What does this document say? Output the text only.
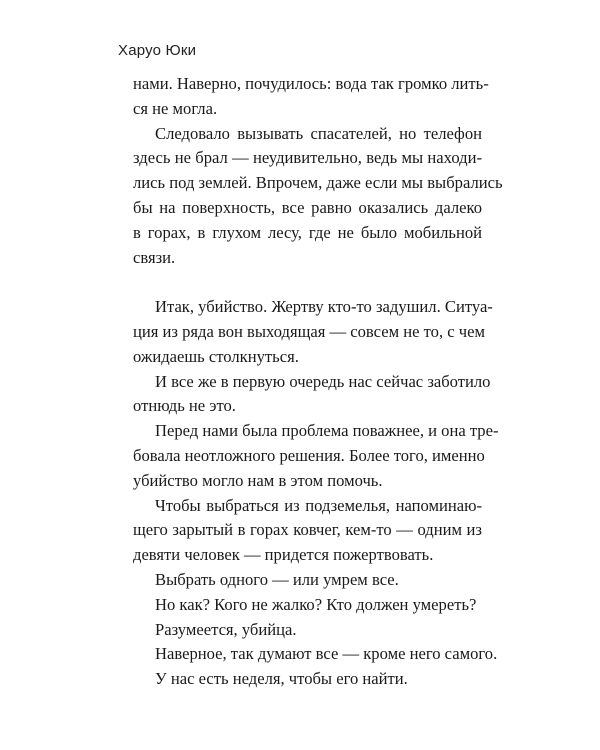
Харуо Юки
нами. Наверно, почудилось: вода так громко лить-
ся не могла.
Следовало вызывать спасателей, но телефон
здесь не брал — неудивительно, ведь мы находи-
лись под землей. Впрочем, даже если мы выбрались
бы на поверхность, все равно оказались далеко
в горах, в глухом лесу, где не было мобильной
связи.
Итак, убийство. Жертву кто-то задушил. Ситуа-
ция из ряда вон выходящая — совсем не то, с чем
ожидаешь столкнуться.
И все же в первую очередь нас сейчас заботило
отнюдь не это.
Перед нами была проблема поважнее, и она тре-
бовала неотложного решения. Более того, именно
убийство могло нам в этом помочь.
Чтобы выбраться из подземелья, напоминаю-
щего зарытый в горах ковчег, кем-то — одним из
девяти человек — придется пожертвовать.
Выбрать одного — или умрем все.
Но как? Кого не жалко? Кто должен умереть?
Разумеется, убийца.
Наверное, так думают все — кроме него самого.
У нас есть неделя, чтобы его найти.
